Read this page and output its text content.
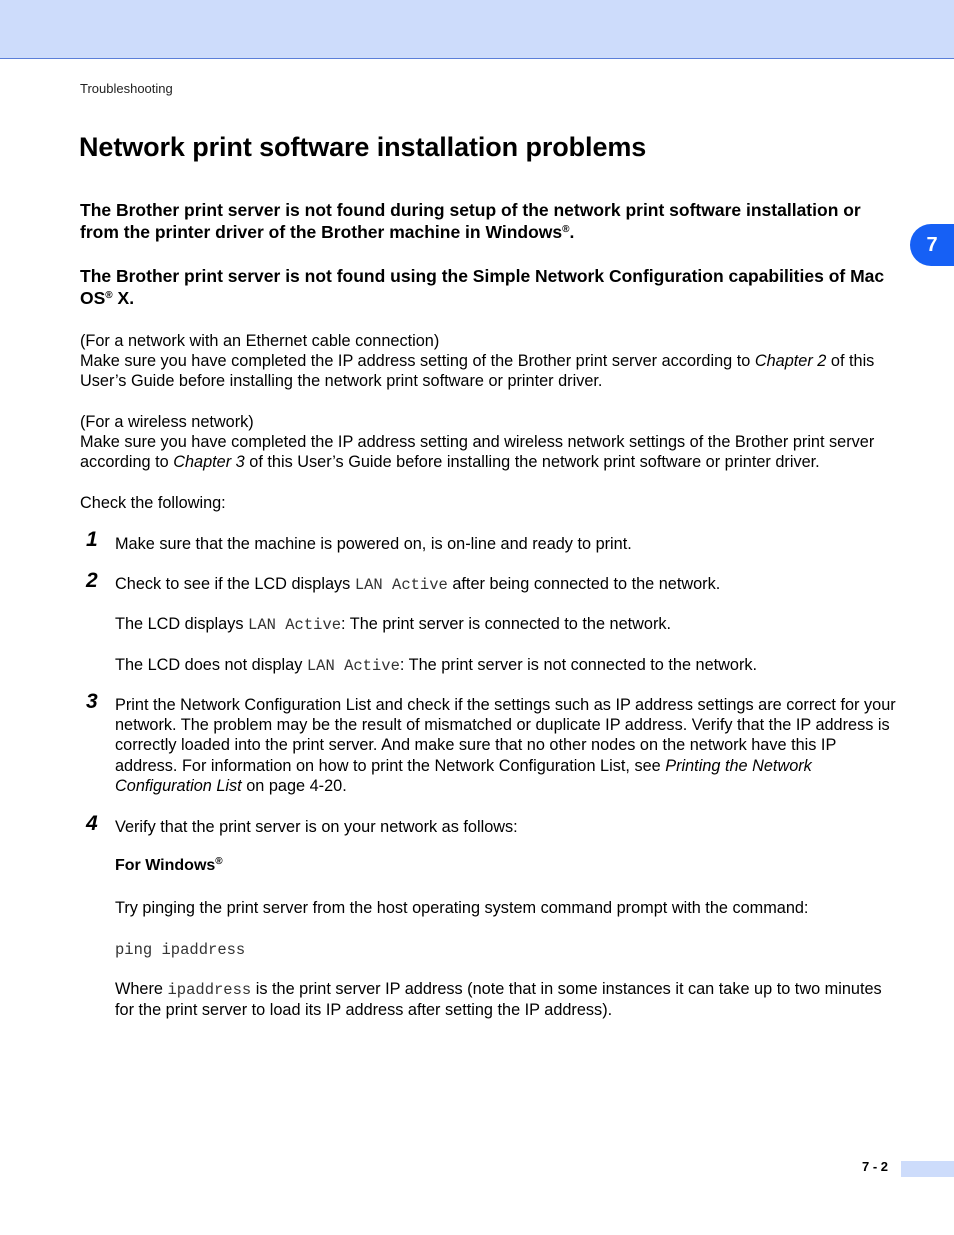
Troubleshooting
Network print software installation problems
7
The Brother print server is not found during setup of the network print software installation or from the printer driver of the Brother machine in Windows®.
The Brother print server is not found using the Simple Network Configuration capabilities of Mac OS® X.
(For a network with an Ethernet cable connection)
Make sure you have completed the IP address setting of the Brother print server according to Chapter 2 of this User’s Guide before installing the network print software or printer driver.
(For a wireless network)
Make sure you have completed the IP address setting and wireless network settings of the Brother print server according to Chapter 3 of this User’s Guide before installing the network print software or printer driver.
Check the following:
1 Make sure that the machine is powered on, is on-line and ready to print.
2 Check to see if the LCD displays LAN Active after being connected to the network.
The LCD displays LAN Active: The print server is connected to the network.
The LCD does not display LAN Active: The print server is not connected to the network.
3 Print the Network Configuration List and check if the settings such as IP address settings are correct for your network. The problem may be the result of mismatched or duplicate IP address. Verify that the IP address is correctly loaded into the print server. And make sure that no other nodes on the network have this IP address. For information on how to print the Network Configuration List, see Printing the Network Configuration List on page 4-20.
4 Verify that the print server is on your network as follows:
For Windows®
Try pinging the print server from the host operating system command prompt with the command:
ping ipaddress
Where ipaddress is the print server IP address (note that in some instances it can take up to two minutes for the print server to load its IP address after setting the IP address).
7 - 2
